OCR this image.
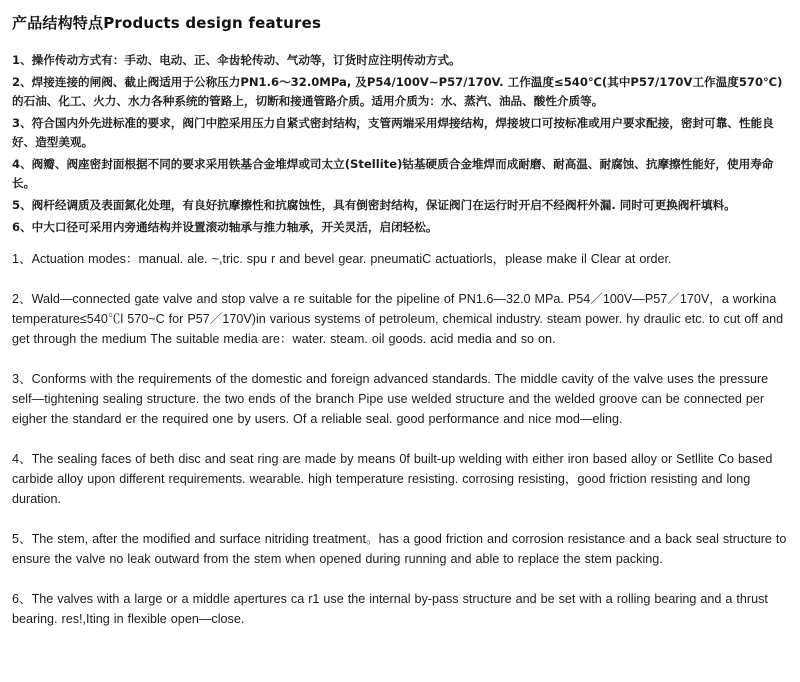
产品结构特点Products design features
1、操作传动方式有：手动、电动、正、伞齿轮传动、气动等，订货时应注明传动方式。
2、焊接连接的闸阀、截止阀适用于公称压力PN1.6～32.0MPa, 及P54/100V~P57/170V. 工作温度≤540℃(其中P57/170V工作温度570℃)的石油、化工、火力、水力各种系统的管路上，切断和接通管路介质。适用介质为：水、蒸汽、油品、酸性介质等。
3、符合国内外先进标准的要求，阀门中腔采用压力自紧式密封结构，支管两端采用焊接结构，焊接坡口可按标准或用户要求配接，密封可靠、性能良好、造型美观。
4、阀瓣、阀座密封面根据不同的要求采用铁基合金堆焊或司太立(Stellite)钴基硬质合金堆焊而成耐磨、耐高温、耐腐蚀、抗摩擦性能好，使用寿命长。
5、阀杆经调质及表面氮化处理，有良好抗摩擦性和抗腐蚀性，具有倒密封结构，保证阀门在运行时开启不经阀杆外漏. 同时可更换阀杆填料。
6、中大口径可采用内旁通结构并设置滚动轴承与推力轴承，开关灵活，启闭轻松。
1、Actuation modes：manual. ale. ~,tric. spu r and bevel gear. pneumatiC actuatiorls，please make il Clear at order.
2、Wald—connected gate valve and stop valve a re suitable for the pipeline of PN1.6—32.0 MPa. P54／100V—P57／170V，a workina temperature≤540℃l 570~C for P57／170V)in various systems of petroleum, chemical industry. steam power. hy draulic etc. to cut off and get through the medium The suitable media are：water. steam. oil goods. acid media and so on.
3、Conforms with the requirements of the domestic and foreign advanced standards. The middle cavity of the valve uses the pressure self—tightening sealing structure. the two ends of the branch Pipe use welded structure and the welded groove can be connected per eigher the standard er the required one by users. Of a reliable seal. good performance and nice mod—eling.
4、The sealing faces of beth disc and seat ring are made by means 0f built-up welding with either iron based alloy or Setllite Co based carbide alloy upon different requirements. wearable. high temperature resisting. corrosing resisting，good friction resisting and long duration.
5、The stem, after the modified and surface nitriding treatment。has a good friction and corrosion resistance and a back seal structure to ensure the valve no leak outward from the stem when opened during running and able to replace the stem packing.
6、The valves with a large or a middle apertures ca r1 use the internal by-pass structure and be set with a rolling bearing and a thrust bearing. res!,Iting in flexible open—close.
